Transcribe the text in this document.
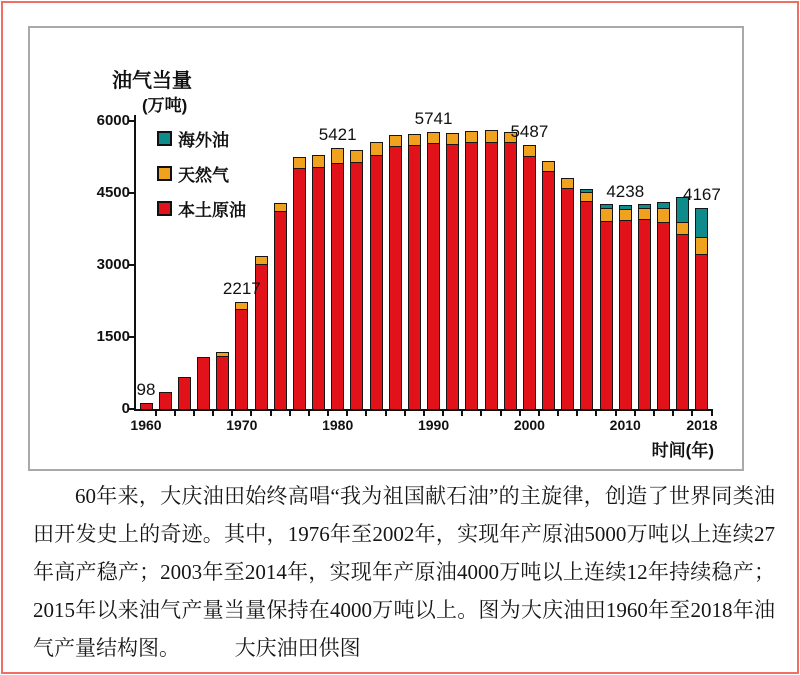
油气当量
(万吨)
海外油
天然气
本土原油
0
1500
3000
4500
6000
1960	1970	1980	1990	2000	2010	2018
98
2217
5421
5741
5487
4238 4167
时间(年)

60年来，大庆油田始终高唱“我为祖国献石油”的主旋律，创造了世界同类油田开发史上的奇迹。其中，1976年至2002年，实现年产原油5000万吨以上连续27年高产稳产；2003年至2014年，实现年产原油4000万吨以上连续12年持续稳产；2015年以来油气产量当量保持在4000万吨以上。图为大庆油田1960年至2018年油气产量结构图。	大庆油田供图
